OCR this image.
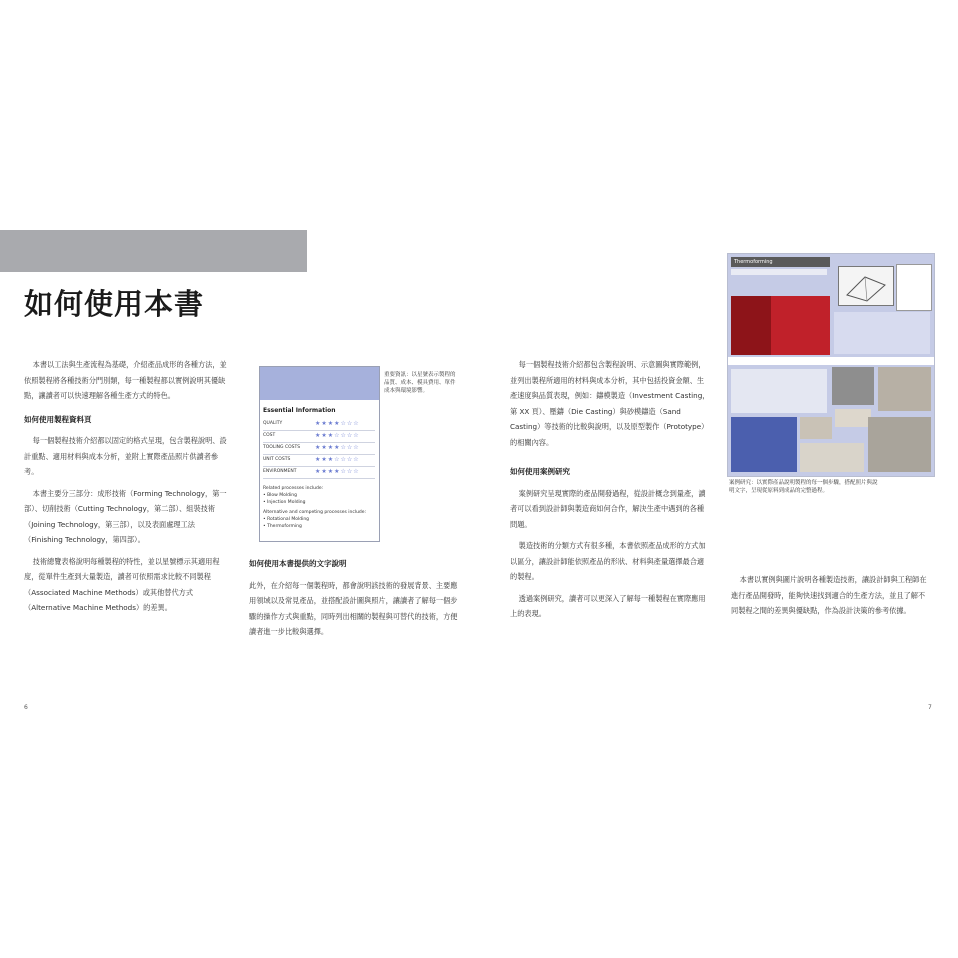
如何使用本書

本書以工法與生產流程為基礎，介紹產品成形的各種方法，並依照製程將各種技術分門別類，每一種製程都以實例說明其優缺點，讓讀者可以快速理解各種生產方式的特色。

如何使用製程資料頁

每一個製程技術介紹都以固定的格式呈現，包含製程說明、設計重點、適用材料與成本分析，並附上實際產品照片供讀者參考。

本書主要分三部分：成形技術（Forming Technology，第一部）、切削技術（Cutting Technology，第二部）、組裝技術（Joining Technology，第三部），以及表面處理工法（Finishing Technology，第四部）。

技術總覽表格說明每種製程的特性，並以星號標示其適用程度，從單件生產到大量製造，讀者可依照需求比較不同製程（Associated Machine Methods）或其他替代方式（Alternative Machine Methods）的差異。

Essential Information
QUALITY	★★★★☆☆☆
COST	★★★☆☆☆☆
TOOLING COSTS ★★★★☆☆☆
UNIT COSTS	★★★☆☆☆☆
ENVIRONMENT	★★★★☆☆☆
Related processes include:
• Blow Molding
• Injection Molding
Alternative and competing processes include:
• Rotational Molding
• Thermoforming
重要資訊：以星號表示製程的品質、成本、模具費用、單件成本與環境影響。
如何使用本書提供的文字說明

此外，在介紹每一個製程時，都會說明該技術的發展背景、主要應用領域以及常見產品，並搭配設計圖與照片，讓讀者了解每一個步驟的操作方式與重點，同時列出相關的製程與可替代的技術，方便讀者進一步比較與選擇。

6

每一個製程技術介紹都包含製程說明、示意圖與實際範例，並列出製程所適用的材料與成本分析，其中包括投資金額、生產速度與品質表現，例如：鑄模製造（Investment Casting，第 XX 頁）、壓鑄（Die Casting）與砂模鑄造（Sand Casting）等技術的比較與說明，以及原型製作（Prototype）的相關內容。

如何使用案例研究

案例研究呈現實際的產品開發過程，從設計概念到量產，讀者可以看到設計師與製造商如何合作，解決生產中遇到的各種問題。

製造技術的分類方式有很多種，本書依照產品成形的方式加以區分，讓設計師能依照產品的形狀、材料與產量選擇最合適的製程。

透過案例研究，讀者可以更深入了解每一種製程在實際應用上的表現。

本書以實例與圖片說明各種製造技術，讓設計師與工程師在進行產品開發時，能夠快速找到適合的生產方法，並且了解不同製程之間的差異與優缺點，作為設計決策的參考依據。

Thermoforming
案例研究：以實際產品說明製程的每一個步驟，搭配照片與說明文字，呈現從原料到成品的完整過程。
7
